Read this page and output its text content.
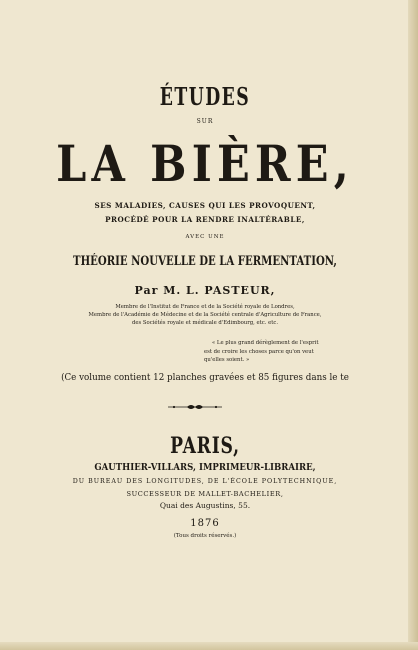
ÉTUDES
SUR
LA BIÈRE,
SES MALADIES, CAUSES QUI LES PROVOQUENT,
PROCÉDÉ POUR LA RENDRE INALTÉRABLE,
AVEC UNE
THÉORIE NOUVELLE DE LA FERMENTATION,
Par M. L. PASTEUR,
Membre de l'Institut de France et de la Société royale de Londres,
Membre de l'Académie de Médecine et de la Société centrale d'Agriculture de France,
des Sociétés royale et médicale d'Edimbourg, etc. etc.
« Le plus grand dérèglement de l'esprit
est de croire les choses parce qu'on veut
qu'elles soient. »
(Ce volume contient 12 planches gravées et 85 figures dans le te
PARIS,
GAUTHIER-VILLARS, IMPRIMEUR-LIBRAIRE,
DU BUREAU DES LONGITUDES, DE L'ÉCOLE POLYTECHNIQUE,
SUCCESSEUR DE MALLET-BACHELIER,
Quai des Augustins, 55.
1876
(Tous droits réservés.)
